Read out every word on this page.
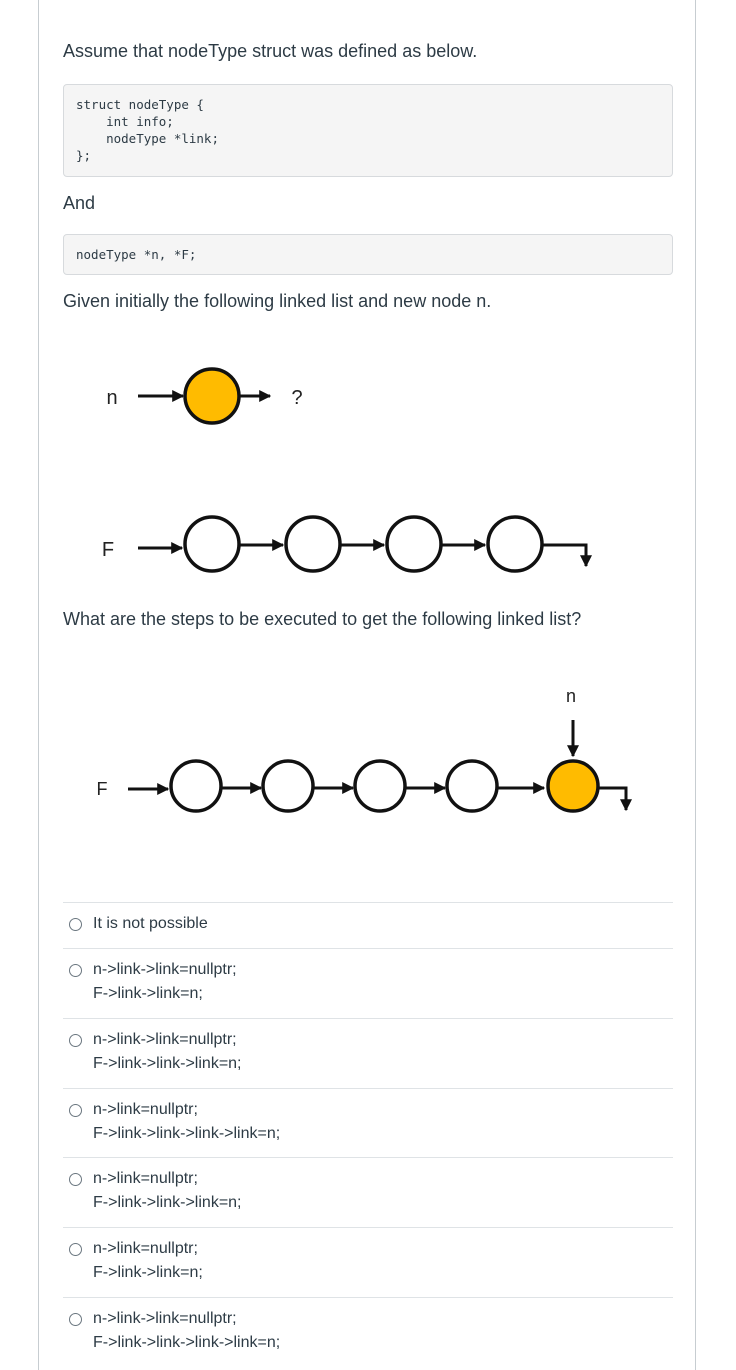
Assume that nodeType struct was defined as below.
struct nodeType {
int info;
nodeType *link;
};
And
nodeType *n, *F;
Given initially the following linked list and new node n.
n	?
F
What are the steps to be executed to get the following linked list?
n
F
It is not possible
n->link->link=nullptr;
F->link->link=n;
n->link->link=nullptr;
F->link->link->link=n;
n->link=nullptr;
F->link->link->link->link=n;
n->link=nullptr;
F->link->link->link=n;
n->link=nullptr;
F->link->link=n;
n->link->link=nullptr;
F->link->link->link->link=n;
